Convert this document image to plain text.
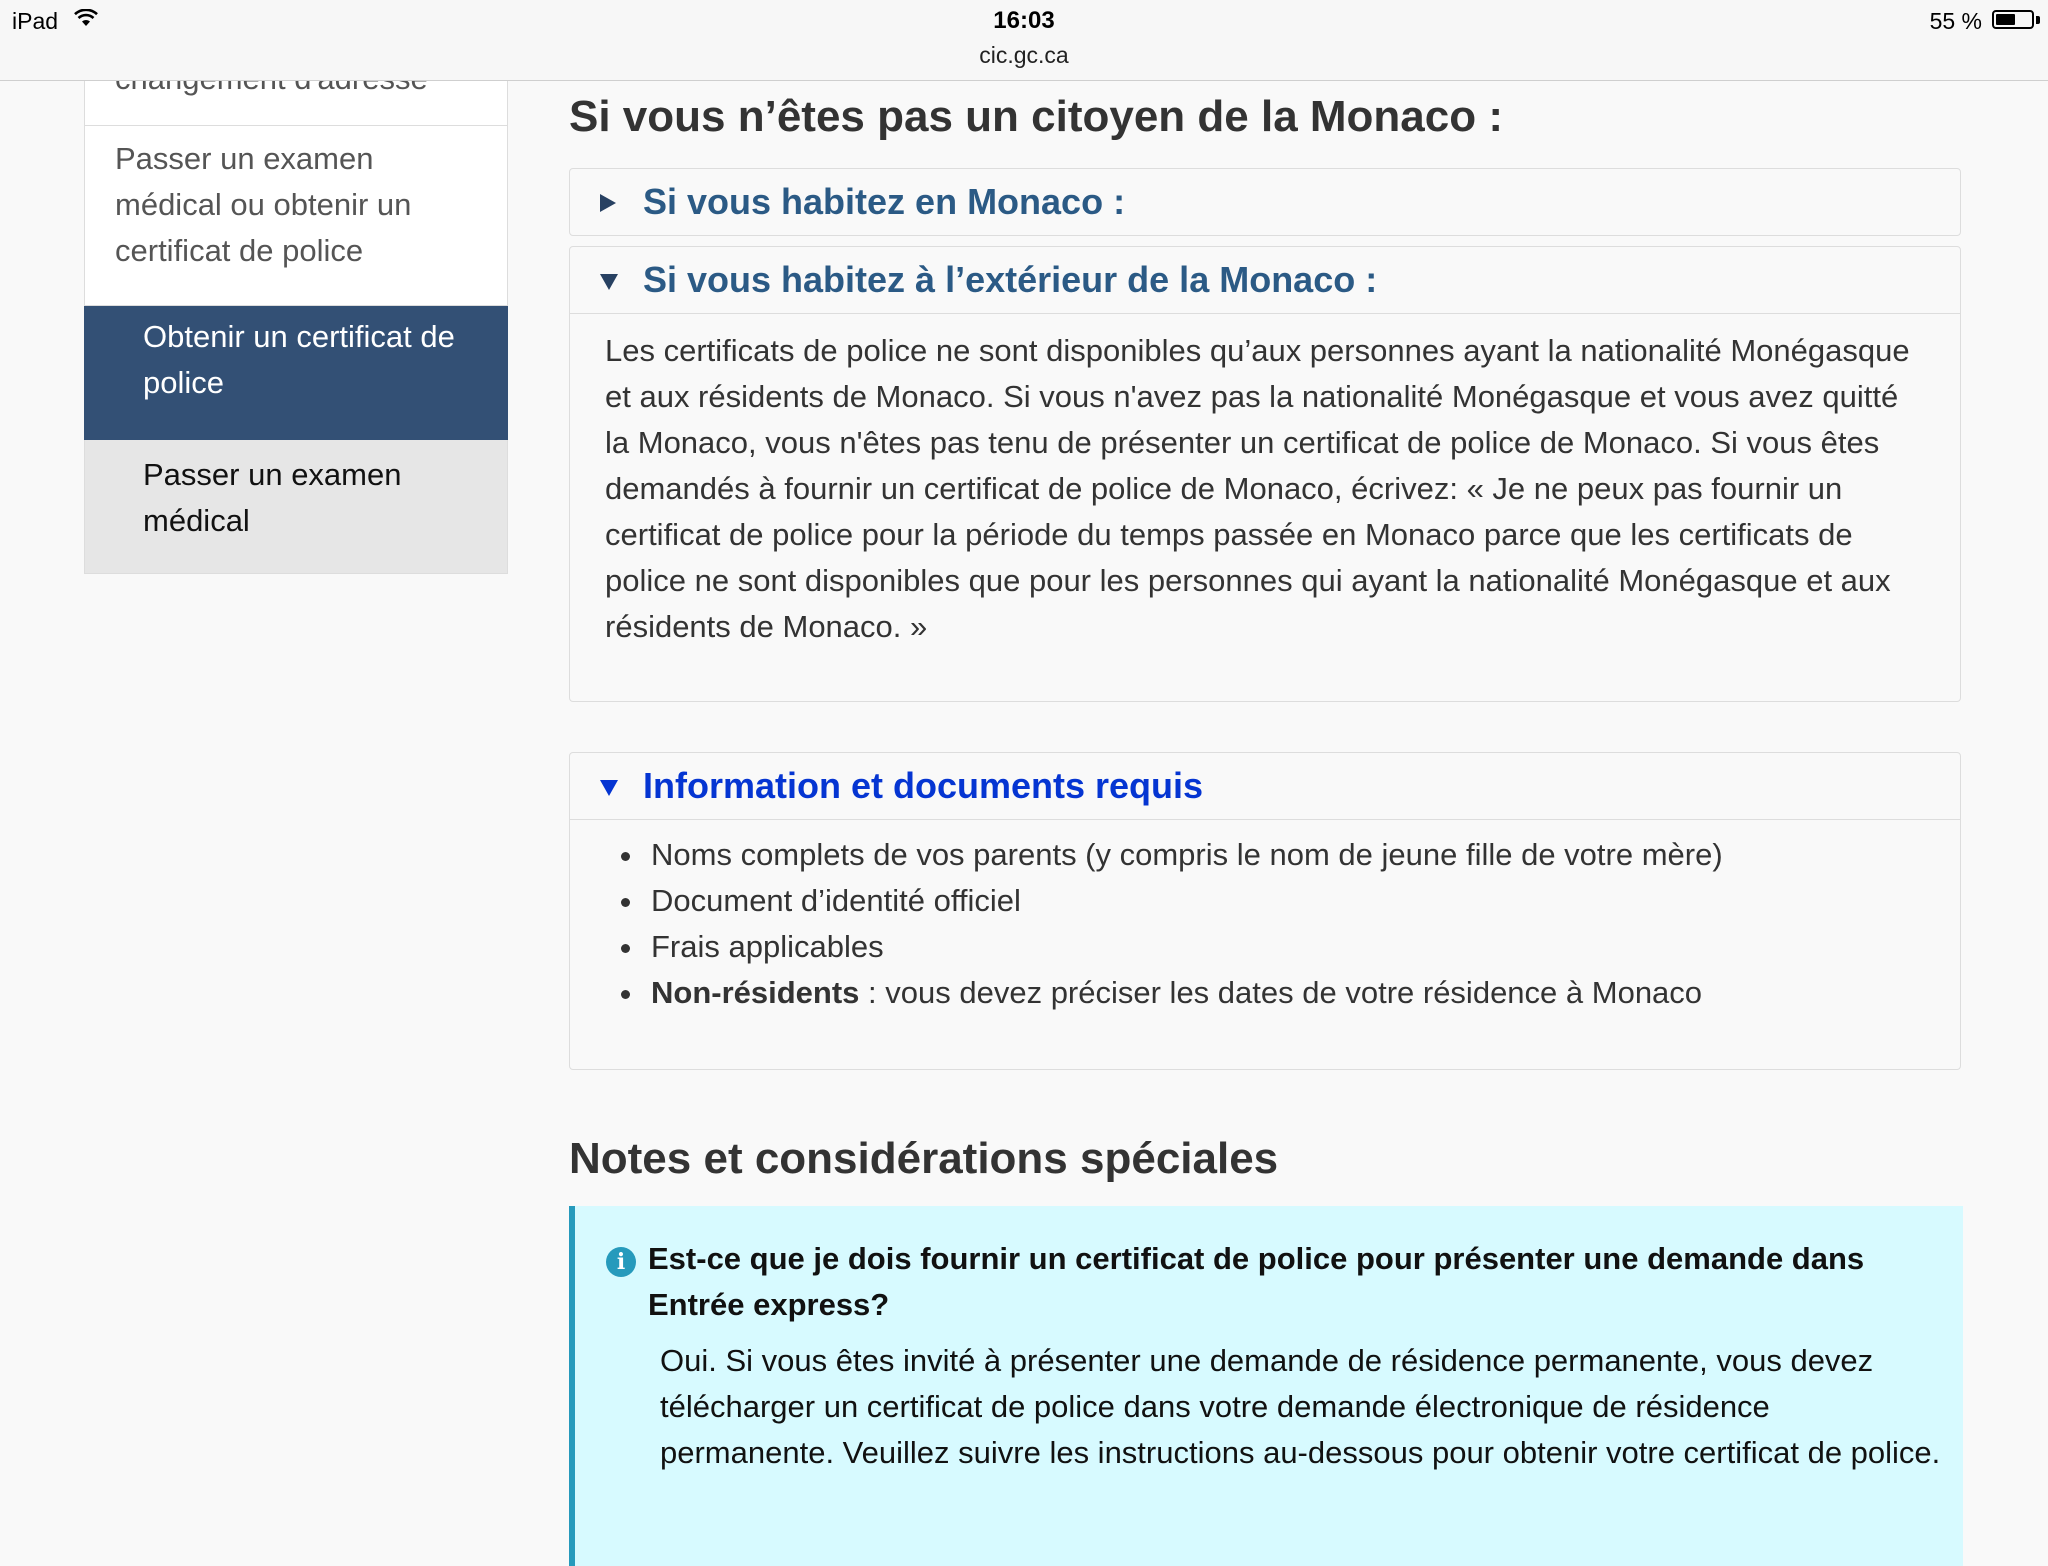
iPad	16:03
cic.gc.ca
55 %
Passer un examen médical ou obtenir un certificat de police
Obtenir un certificat de police
Passer un examen médical
Si vous n’êtes pas un citoyen de la Monaco :
Si vous habitez en Monaco :
Si vous habitez à l’extérieur de la Monaco :
Les certificats de police ne sont disponibles qu’aux personnes ayant la nationalité Monégasque et aux résidents de Monaco. Si vous n'avez pas la nationalité Monégasque et vous avez quitté la Monaco, vous n'êtes pas tenu de présenter un certificat de police de Monaco. Si vous êtes demandés à fournir un certificat de police de Monaco, écrivez: « Je ne peux pas fournir un certificat de police pour la période du temps passée en Monaco parce que les certificats de police ne sont disponibles que pour les personnes qui ayant la nationalité Monégasque et aux résidents de Monaco. »
Information et documents requis
Noms complets de vos parents (y compris le nom de jeune fille de votre mère)
Document d’identité officiel
Frais applicables
Non-résidents : vous devez préciser les dates de votre résidence à Monaco
Notes et considérations spéciales
i Est-ce que je dois fournir un certificat de police pour présenter une demande dans Entrée express?
Oui. Si vous êtes invité à présenter une demande de résidence permanente, vous devez télécharger un certificat de police dans votre demande électronique de résidence permanente. Veuillez suivre les instructions au-dessous pour obtenir votre certificat de police.
